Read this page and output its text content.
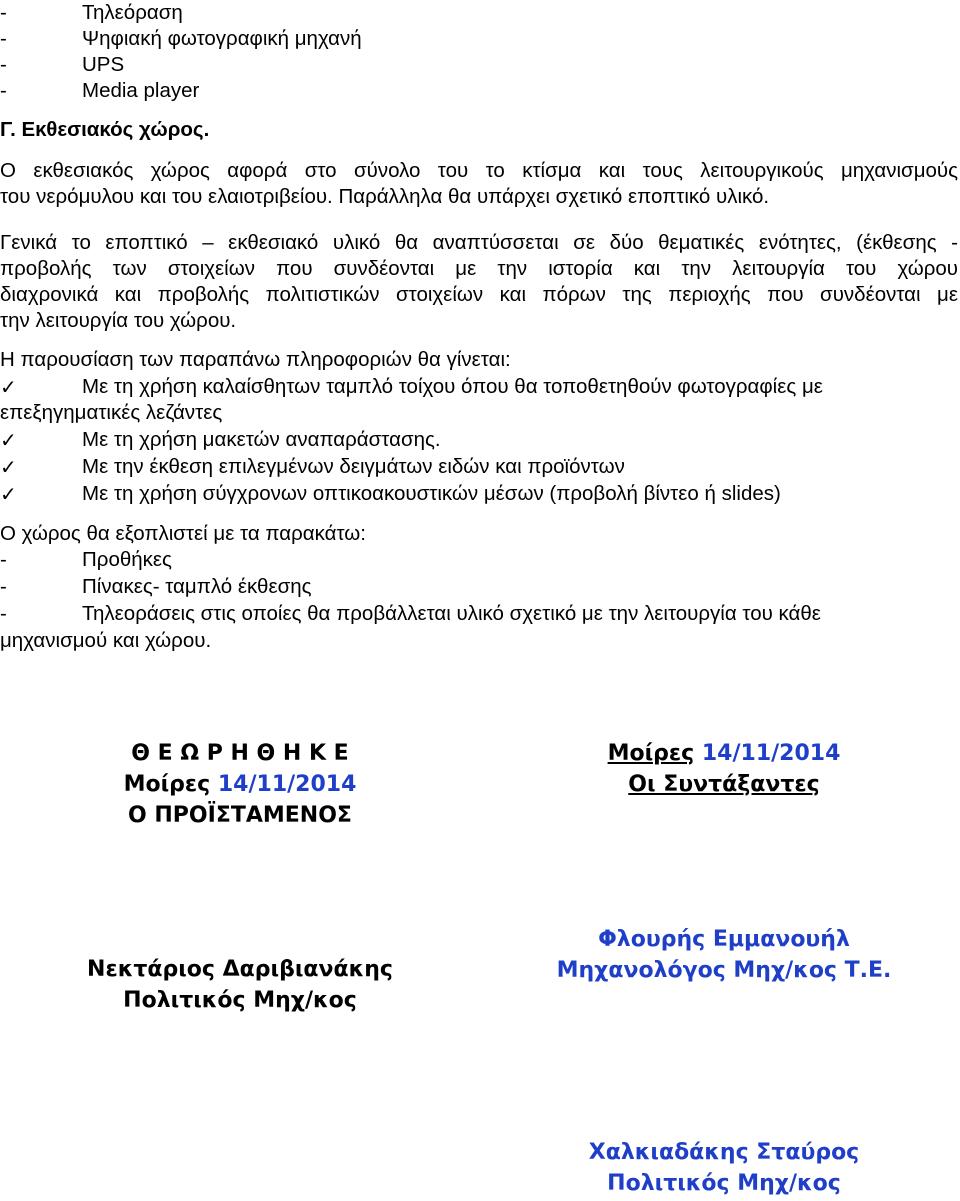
-	Τηλεόραση
-	Ψηφιακή φωτογραφική μηχανή
-	UPS
-	Media player
Γ. Εκθεσιακός χώρος.
Ο εκθεσιακός χώρος αφορά στο σύνολο του το κτίσμα και τους λειτουργικούς μηχανισμούς
του νερόμυλου και του ελαιοτριβείου. Παράλληλα θα υπάρχει σχετικό εποπτικό υλικό.
Γενικά το εποπτικό – εκθεσιακό υλικό θα αναπτύσσεται σε δύο θεματικές ενότητες, (έκθεσης -
προβολής των στοιχείων που συνδέονται με την ιστορία και την λειτουργία του χώρου
διαχρονικά και προβολής πολιτιστικών στοιχείων και πόρων της περιοχής που συνδέονται με
την λειτουργία του χώρου.
Η παρουσίαση των παραπάνω πληροφοριών θα γίνεται:
✓	Με τη χρήση καλαίσθητων ταμπλό τοίχου όπου θα τοποθετηθούν φωτογραφίες με
επεξηγηματικές λεζάντες
✓	Με τη χρήση μακετών αναπαράστασης.
✓	Με την έκθεση επιλεγμένων δειγμάτων ειδών και προϊόντων
✓	Με τη χρήση σύγχρονων οπτικοακουστικών μέσων (προβολή βίντεο ή slides)
Ο χώρος θα εξοπλιστεί με τα παρακάτω:
-	Προθήκες
-	Πίνακες- ταμπλό έκθεσης
-	Τηλεοράσεις στις οποίες θα προβάλλεται υλικό σχετικό με την λειτουργία του κάθε
μηχανισμού και χώρου.
Θ Ε Ω Ρ Η Θ Η Κ Ε
Μοίρες 14/11/2014
Ο ΠΡΟΪΣΤΑΜΕΝΟΣ
Μοίρες 14/11/2014
Οι Συντάξαντες
Νεκτάριος Δαριβιανάκης
Πολιτικός Μηχ/κος
Φλουρής Εμμανουήλ
Μηχανολόγος Μηχ/κος Τ.Ε.
Χαλκιαδάκης Σταύρος
Πολιτικός Μηχ/κος
